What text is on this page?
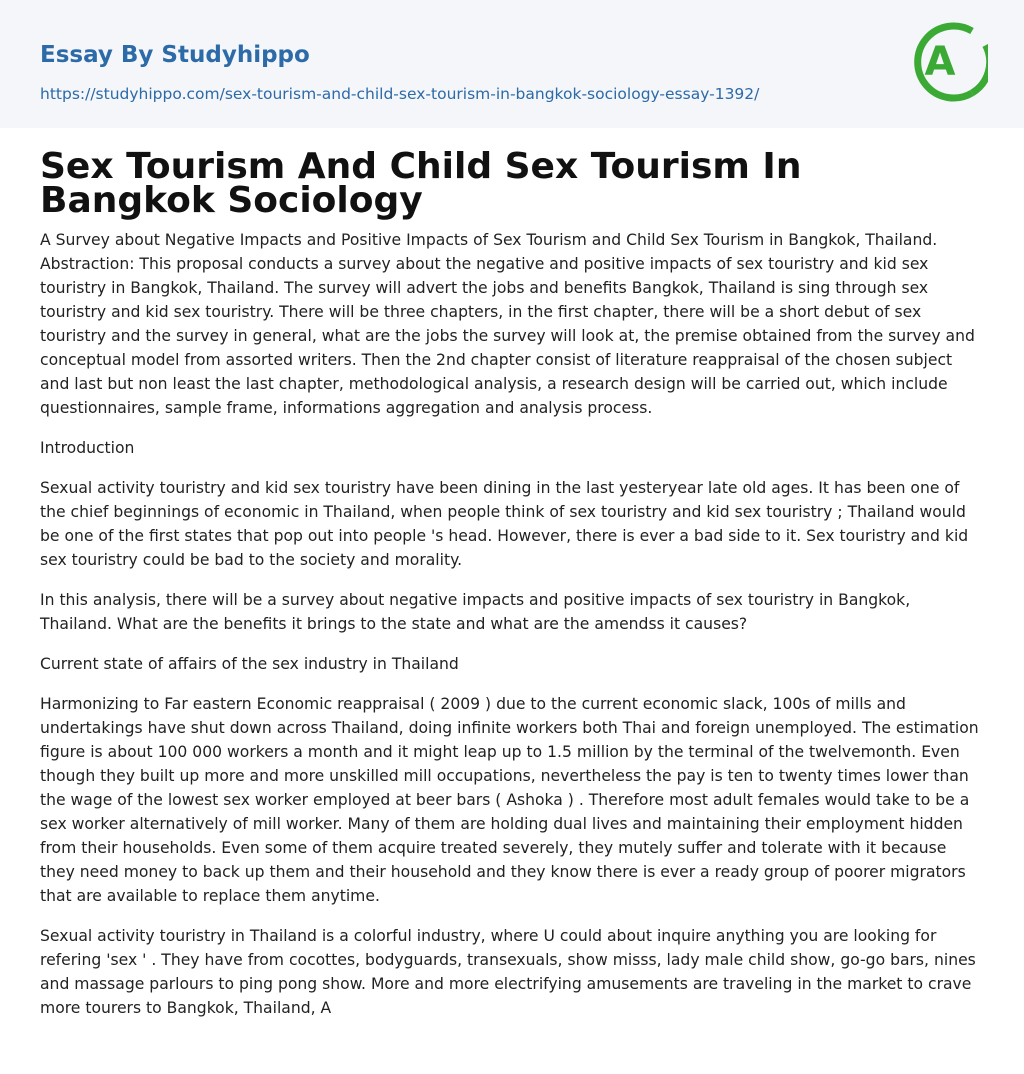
Essay By Studyhippo
https://studyhippo.com/sex-tourism-and-child-sex-tourism-in-bangkok-sociology-essay-1392/
A
Sex Tourism And Child Sex Tourism In Bangkok Sociology

A Survey about Negative Impacts and Positive Impacts of Sex Tourism and Child Sex Tourism in Bangkok, Thailand. Abstraction: This proposal conducts a survey about the negative and positive impacts of sex touristry and kid sex touristry in Bangkok, Thailand. The survey will advert the jobs and benefits Bangkok, Thailand is sing through sex touristry and kid sex touristry. There will be three chapters, in the first chapter, there will be a short debut of sex touristry and the survey in general, what are the jobs the survey will look at, the premise obtained from the survey and conceptual model from assorted writers. Then the 2nd chapter consist of literature reappraisal of the chosen subject and last but non least the last chapter, methodological analysis, a research design will be carried out, which include questionnaires, sample frame, informations aggregation and analysis process.

Introduction

Sexual activity touristry and kid sex touristry have been dining in the last yesteryear late old ages. It has been one of the chief beginnings of economic in Thailand, when people think of sex touristry and kid sex touristry ; Thailand would be one of the first states that pop out into people 's head. However, there is ever a bad side to it. Sex touristry and kid sex touristry could be bad to the society and morality.

In this analysis, there will be a survey about negative impacts and positive impacts of sex touristry in Bangkok, Thailand. What are the benefits it brings to the state and what are the amendss it causes?

Current state of affairs of the sex industry in Thailand

Harmonizing to Far eastern Economic reappraisal ( 2009 ) due to the current economic slack, 100s of mills and undertakings have shut down across Thailand, doing infinite workers both Thai and foreign unemployed. The estimation figure is about 100 000 workers a month and it might leap up to 1.5 million by the terminal of the twelvemonth. Even though they built up more and more unskilled mill occupations, nevertheless the pay is ten to twenty times lower than the wage of the lowest sex worker employed at beer bars ( Ashoka ) . Therefore most adult females would take to be a sex worker alternatively of mill worker. Many of them are holding dual lives and maintaining their employment hidden from their households. Even some of them acquire treated severely, they mutely suffer and tolerate with it because they need money to back up them and their household and they know there is ever a ready group of poorer migrators that are available to replace them anytime.

Sexual activity touristry in Thailand is a colorful industry, where U could about inquire anything you are looking for refering 'sex ' . They have from cocottes, bodyguards, transexuals, show misss, lady male child show, go-go bars, nines and massage parlours to ping pong show. More and more electrifying amusements are traveling in the market to crave more tourers to Bangkok, Thailand, A
